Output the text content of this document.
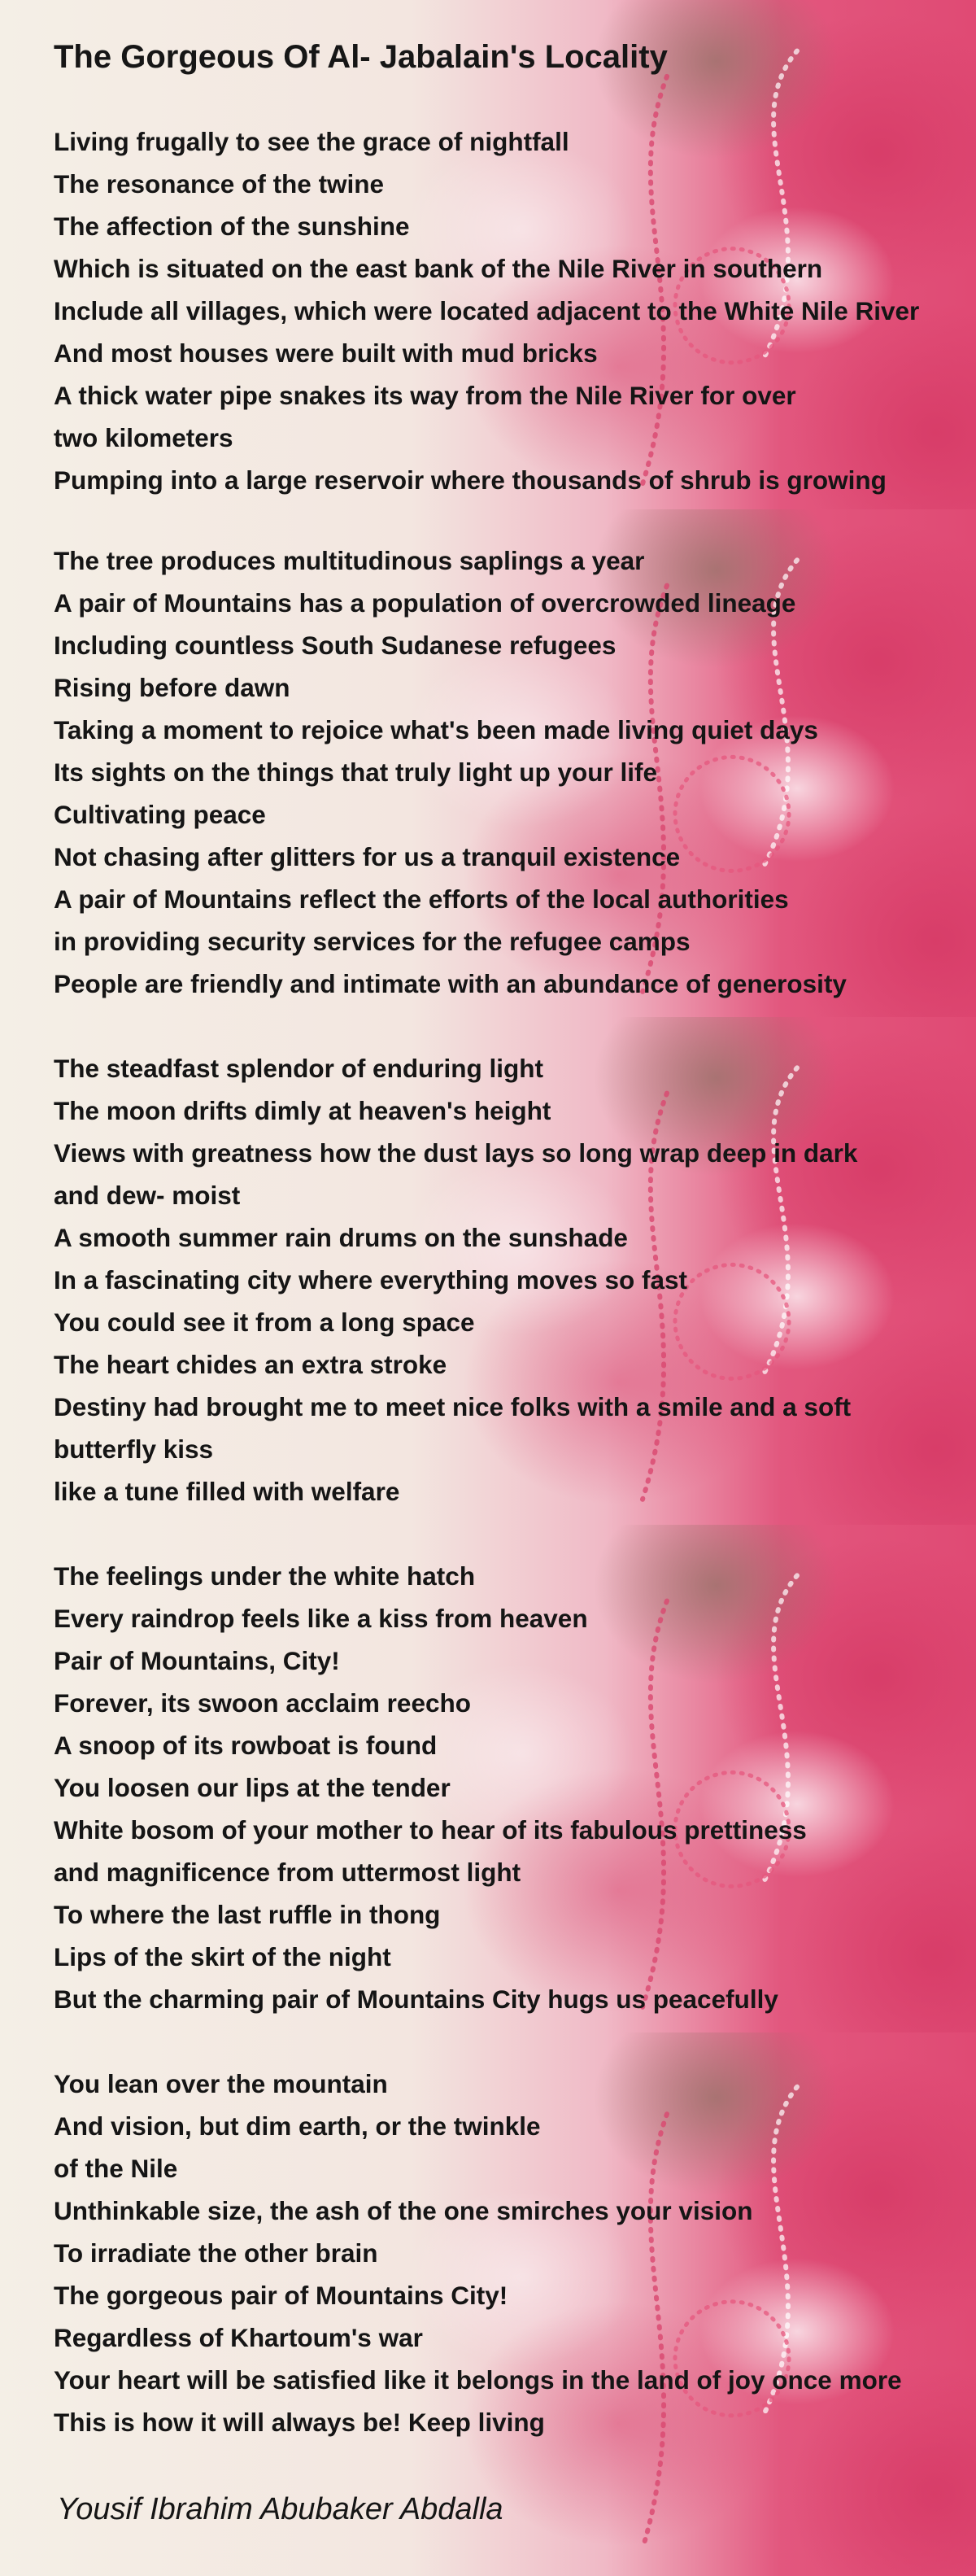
The Gorgeous Of Al- Jabalain's Locality
Living frugally to see the grace of nightfall
The resonance of the twine
The affection of the sunshine
Which is situated on the east bank of the Nile River in southern
Include all villages, which were located adjacent to the White Nile River
And most houses were built with mud bricks
A thick water pipe snakes its way from the Nile River for over
two kilometers
Pumping into a large reservoir where thousands of shrub is growing
The tree produces multitudinous saplings a year
A pair of Mountains has a population of overcrowded lineage
Including countless South Sudanese refugees
Rising before dawn
Taking a moment to rejoice what's been made living quiet days
Its sights on the things that truly light up your life
Cultivating peace
Not chasing after glitters for us a tranquil existence
A pair of Mountains reflect the efforts of the local authorities
in providing security services for the refugee camps
People are friendly and intimate with an abundance of generosity
The steadfast splendor of enduring light
The moon drifts dimly at heaven's height
Views with greatness how the dust lays so long wrap deep in dark
and dew- moist
A smooth summer rain drums on the sunshade
In a fascinating city where everything moves so fast
You could see it from a long space
The heart chides an extra stroke
Destiny had brought me to meet nice folks with a smile and a soft
butterfly kiss
like a tune filled with welfare
The feelings under the white hatch
Every raindrop feels like a kiss from heaven
Pair of Mountains, City!
Forever, its swoon acclaim reecho
A snoop of its rowboat is found
You loosen our lips at the tender
White bosom of your mother to hear of its fabulous prettiness
and magnificence from uttermost light
To where the last ruffle in thong
Lips of the skirt of the night
But the charming pair of Mountains City hugs us peacefully
You lean over the mountain
And vision, but dim earth, or the twinkle
of the Nile
Unthinkable size, the ash of the one smirches your vision
To irradiate the other brain
The gorgeous pair of Mountains City!
Regardless of Khartoum's war
Your heart will be satisfied like it belongs in the land of joy once more
This is how it will always be! Keep living
Yousif Ibrahim Abubaker Abdalla
